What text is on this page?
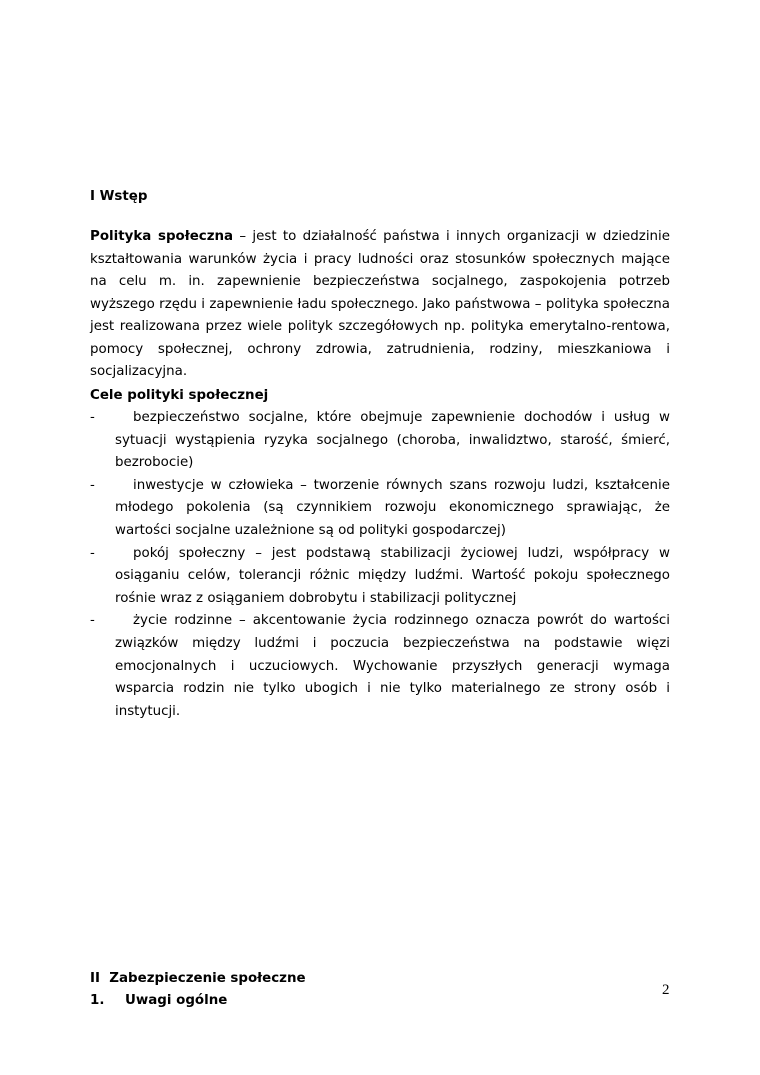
I Wstęp

Polityka społeczna – jest to działalność państwa i innych organizacji w dziedzinie kształtowania warunków życia i pracy ludności oraz stosunków społecznych mające na celu m. in. zapewnienie bezpieczeństwa socjalnego, zaspokojenia potrzeb wyższego rzędu i zapewnienie ładu społecznego. Jako państwowa – polityka społeczna jest realizowana przez wiele polityk szczegółowych np. polityka emerytalno-rentowa, pomocy społecznej, ochrony zdrowia, zatrudnienia, rodziny, mieszkaniowa i socjalizacyjna.

Cele polityki społecznej

-	bezpieczeństwo socjalne, które obejmuje zapewnienie dochodów i usług w sytuacji wystąpienia ryzyka socjalnego (choroba, inwalidztwo, starość, śmierć, bezrobocie)
-	inwestycje w człowieka – tworzenie równych szans rozwoju ludzi, kształcenie młodego pokolenia (są czynnikiem rozwoju ekonomicznego sprawiając, że wartości socjalne uzależnione są od polityki gospodarczej)
-	pokój społeczny – jest podstawą stabilizacji życiowej ludzi, współpracy w osiąganiu celów, tolerancji różnic między ludźmi. Wartość pokoju społecznego rośnie wraz z osiąganiem dobrobytu i stabilizacji politycznej
-	życie rodzinne – akcentowanie życia rodzinnego oznacza powrót do wartości związków między ludźmi i poczucia bezpieczeństwa na podstawie więzi emocjonalnych i uczuciowych. Wychowanie przyszłych generacji wymaga wsparcia rodzin nie tylko ubogich i nie tylko materialnego ze strony osób i instytucji.

II  Zabezpieczenie społeczne

1. Uwagi ogólne

2
